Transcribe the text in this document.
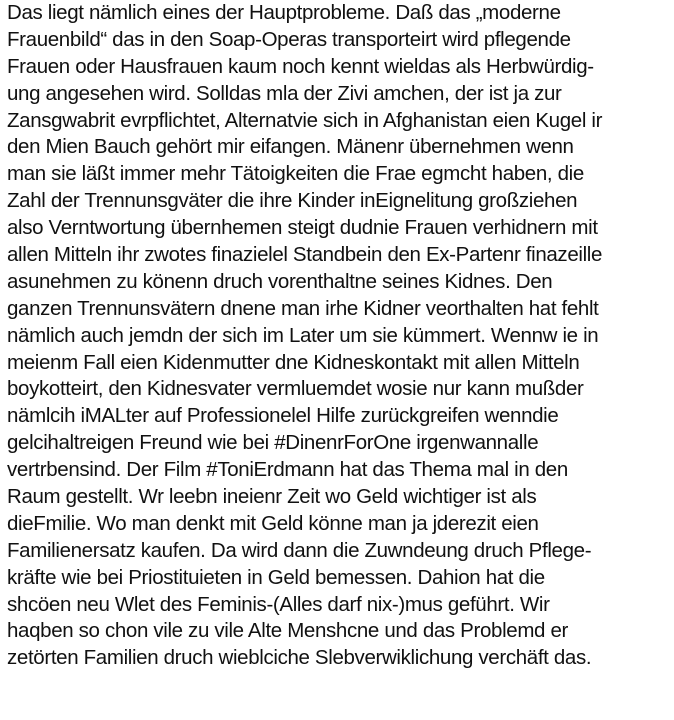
Das liegt nämlich eines der Hauptprobleme. Daß das „moderne
Frauenbild“ das in den Soap-Operas transporteirt wird pflegende
Frauen oder Hausfrauen kaum noch kennt wieldas als Herbwürdig-
ung angesehen wird. Solldas mla der Zivi amchen, der ist ja zur
Zansgwabrit evrpflichtet, Alternatvie sich in Afghanistan eien Kugel ir
den Mien Bauch gehört mir eifangen. Mänenr übernehmen wenn
man sie läßt immer mehr Tätoigkeiten die Frae egmcht haben, die
Zahl der Trennunsgväter die ihre Kinder inEignelitung großziehen
also Verntwortung übernhemen steigt dudnie Frauen verhidnern mit
allen Mitteln ihr zwotes finazielel Standbein den Ex-Partenr finazeille
asunehmen zu könenn druch vorenthaltne seines Kidnes. Den
ganzen Trennunsvätern dnene man irhe Kidner veorthalten hat fehlt
nämlich auch jemdn der sich im Later um sie kümmert. Wennw ie in
meienm Fall eien Kidenmutter dne Kidneskontakt mit allen Mitteln
boykotteirt, den Kidnesvater vermluemdet wosie nur kann mußder
nämlcih iMALter auf Professionelel Hilfe zurückgreifen wenndie
gelcihaltreigen Freund wie bei #DinenrForOne irgenwannalle
vertrbensind. Der Film #ToniErdmann hat das Thema mal in den
Raum gestellt. Wr leebn ineienr Zeit wo Geld wichtiger ist als
dieFmilie. Wo man denkt mit Geld könne man ja jderezit eien
Familienersatz kaufen. Da wird dann die Zuwndeung druch Pflege-
kräfte wie bei Priostituieten in Geld bemessen. Dahion hat die
shcöen neu Wlet des Feminis-(Alles darf nix-)mus geführt. Wir
haqben so chon vile zu vile Alte Menshcne und das Problemd er
zetörten Familien druch wieblciche Slebverwiklichung verchäft das.
